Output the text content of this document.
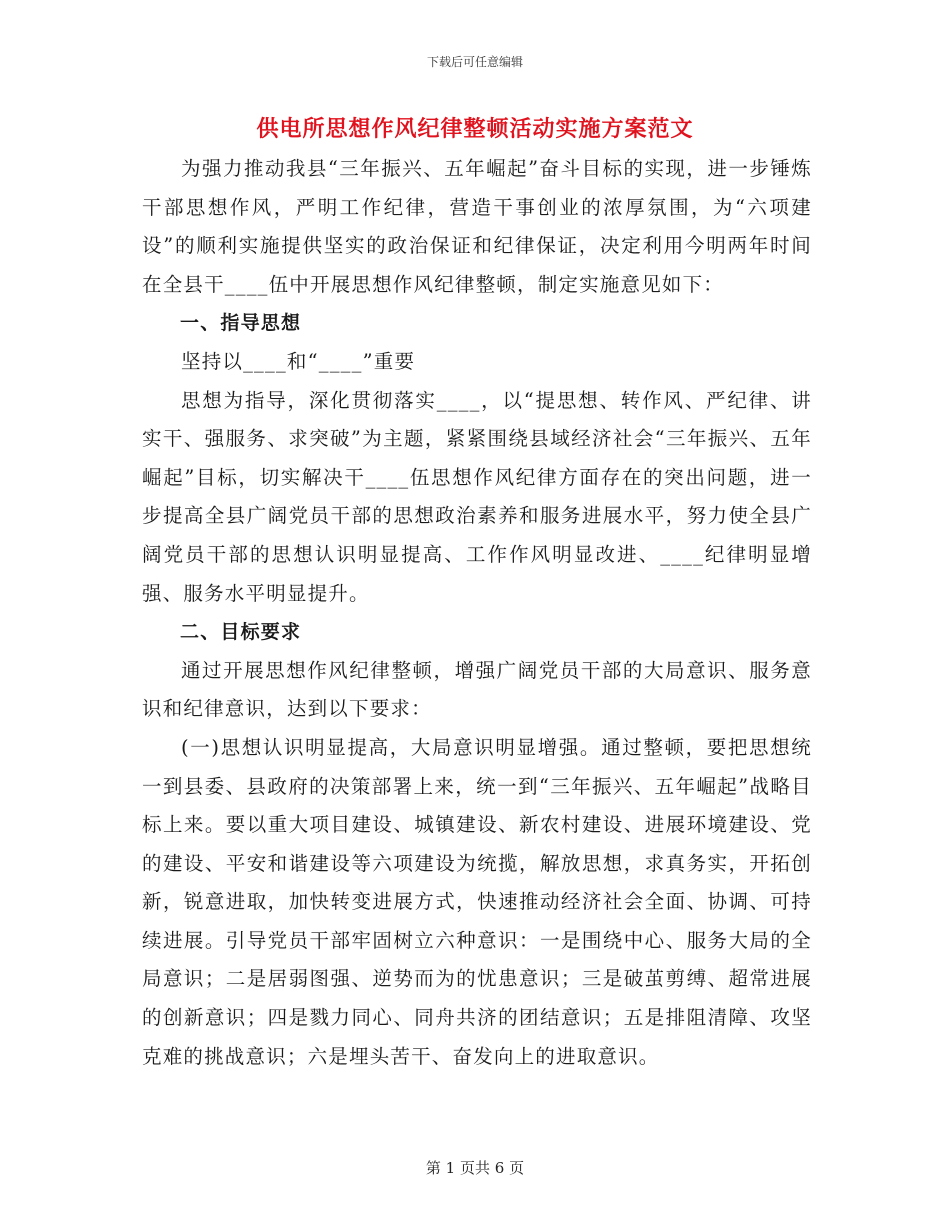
下载后可任意编辑
供电所思想作风纪律整顿活动实施方案范文

为强力推动我县“三年振兴、五年崛起”奋斗目标的实现，进一步锤炼干部思想作风，严明工作纪律，营造干事创业的浓厚氛围，为“六项建设”的顺利实施提供坚实的政治保证和纪律保证，决定利用今明两年时间在全县干____伍中开展思想作风纪律整顿，制定实施意见如下：

一、指导思想

坚持以____和“____”重要

思想为指导，深化贯彻落实____，以“提思想、转作风、严纪律、讲实干、强服务、求突破”为主题，紧紧围绕县域经济社会“三年振兴、五年崛起”目标，切实解决干____伍思想作风纪律方面存在的突出问题，进一步提高全县广阔党员干部的思想政治素养和服务进展水平，努力使全县广阔党员干部的思想认识明显提高、工作作风明显改进、____纪律明显增强、服务水平明显提升。

二、目标要求

通过开展思想作风纪律整顿，增强广阔党员干部的大局意识、服务意识和纪律意识，达到以下要求：

(一)思想认识明显提高，大局意识明显增强。通过整顿，要把思想统一到县委、县政府的决策部署上来，统一到“三年振兴、五年崛起”战略目标上来。要以重大项目建设、城镇建设、新农村建设、进展环境建设、党的建设、平安和谐建设等六项建设为统揽，解放思想，求真务实，开拓创新，锐意进取，加快转变进展方式，快速推动经济社会全面、协调、可持续进展。引导党员干部牢固树立六种意识：一是围绕中心、服务大局的全局意识；二是居弱图强、逆势而为的忧患意识；三是破茧剪缚、超常进展的创新意识；四是戮力同心、同舟共济的团结意识；五是排阻清障、攻坚克难的挑战意识；六是埋头苦干、奋发向上的进取意识。

第 1 页共 6 页
